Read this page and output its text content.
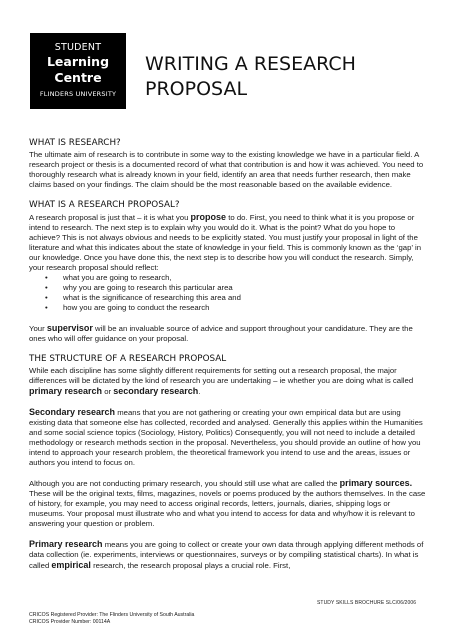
STUDENT
Learning
Centre
FLINDERS UNIVERSITY
WRITING A RESEARCH PROPOSAL
WHAT IS RESEARCH?

The ultimate aim of research is to contribute in some way to the existing knowledge we have in a particular field. A research project or thesis is a documented record of what that contribution is and how it was achieved. You need to thoroughly research what is already known in your field, identify an area that needs further research, then make claims based on your findings. The claim should be the most reasonable based on the available evidence.

WHAT IS A RESEARCH PROPOSAL?

A research proposal is just that – it is what you propose to do. First, you need to think what it is you propose or intend to research. The next step is to explain why you would do it. What is the point? What do you hope to achieve? This is not always obvious and needs to be explicitly stated. You must justify your proposal in light of the literature and what this indicates about the state of knowledge in your field. This is commonly known as the ‘gap’ in our knowledge. Once you have done this, the next step is to describe how you will conduct the research. Simply, your research proposal should reflect:

• what you are going to research,
• why you are going to research this particular area
• what is the significance of researching this area and
• how you are going to conduct the research

Your supervisor will be an invaluable source of advice and support throughout your candidature. They are the ones who will offer guidance on your proposal.

THE STRUCTURE OF A RESEARCH PROPOSAL

While each discipline has some slightly different requirements for setting out a research proposal, the major differences will be dictated by the kind of research you are undertaking – ie whether you are doing what is called primary research or secondary research.

Secondary research means that you are not gathering or creating your own empirical data but are using existing data that someone else has collected, recorded and analysed. Generally this applies within the Humanities and some social science topics (Sociology, History, Politics) Consequently, you will not need to include a detailed methodology or research methods section in the proposal. Nevertheless, you should provide an outline of how you intend to approach your research problem, the theoretical framework you intend to use and the areas, issues or authors you intend to focus on.

Although you are not conducting primary research, you should still use what are called the primary sources. These will be the original texts, films, magazines, novels or poems produced by the authors themselves. In the case of history, for example, you may need to access original records, letters, journals, diaries, shipping logs or museums. Your proposal must illustrate who and what you intend to access for data and why/how it is relevant to answering your question or problem.

Primary research means you are going to collect or create your own data through applying different methods of data collection (ie. experiments, interviews or questionnaires, surveys or by compiling statistical charts). In what is called empirical research, the research proposal plays a crucial role. First,

STUDY SKILLS BROCHURE SLC/06/2006
CRICOS Registered Provider: The Flinders University of South Australia
CRICOS Provider Number: 00114A
